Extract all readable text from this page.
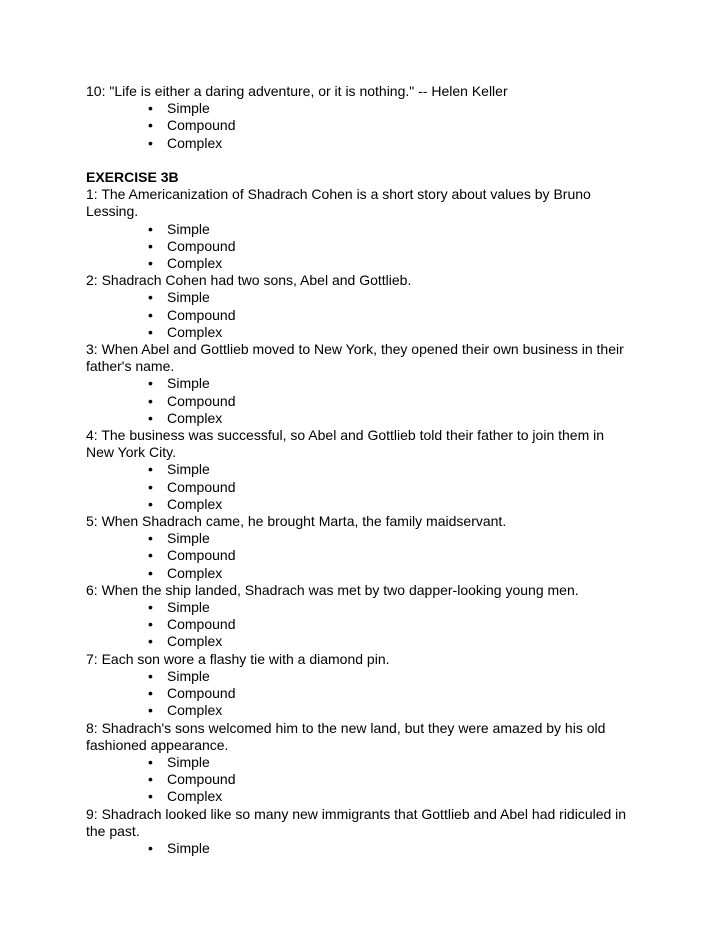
10: "Life is either a daring adventure, or it is nothing." -- Helen Keller
•	Simple
•	Compound
•	Complex
EXERCISE 3B
1: The Americanization of Shadrach Cohen is a short story about values by Bruno
Lessing.
•	Simple
•	Compound
•	Complex
2: Shadrach Cohen had two sons, Abel and Gottlieb.
•	Simple
•	Compound
•	Complex
3: When Abel and Gottlieb moved to New York, they opened their own business in their
father's name.
•	Simple
•	Compound
•	Complex
4: The business was successful, so Abel and Gottlieb told their father to join them in
New York City.
•	Simple
•	Compound
•	Complex
5: When Shadrach came, he brought Marta, the family maidservant.
•	Simple
•	Compound
•	Complex
6: When the ship landed, Shadrach was met by two dapper-looking young men.
•	Simple
•	Compound
•	Complex
7: Each son wore a flashy tie with a diamond pin.
•	Simple
•	Compound
•	Complex
8: Shadrach's sons welcomed him to the new land, but they were amazed by his old
fashioned appearance.
•	Simple
•	Compound
•	Complex
9: Shadrach looked like so many new immigrants that Gottlieb and Abel had ridiculed in
the past.
•	Simple
